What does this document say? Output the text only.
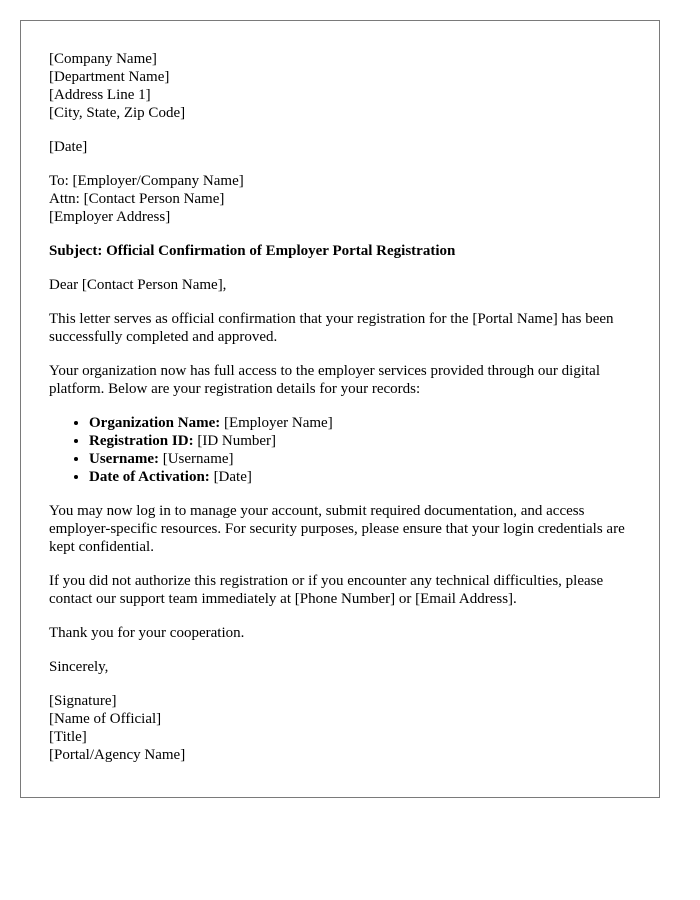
[Company Name]
[Department Name]
[Address Line 1]
[City, State, Zip Code]
[Date]
To: [Employer/Company Name]
Attn: [Contact Person Name]
[Employer Address]
Subject: Official Confirmation of Employer Portal Registration
Dear [Contact Person Name],

This letter serves as official confirmation that your registration for the [Portal Name] has been successfully completed and approved.

Your organization now has full access to the employer services provided through our digital platform. Below are your registration details for your records:

• Organization Name: [Employer Name]
• Registration ID: [ID Number]
• Username: [Username]
• Date of Activation: [Date]

You may now log in to manage your account, submit required documentation, and access employer-specific resources. For security purposes, please ensure that your login credentials are kept confidential.

If you did not authorize this registration or if you encounter any technical difficulties, please contact our support team immediately at [Phone Number] or [Email Address].

Thank you for your cooperation.

Sincerely,
[Signature]
[Name of Official]
[Title]
[Portal/Agency Name]
